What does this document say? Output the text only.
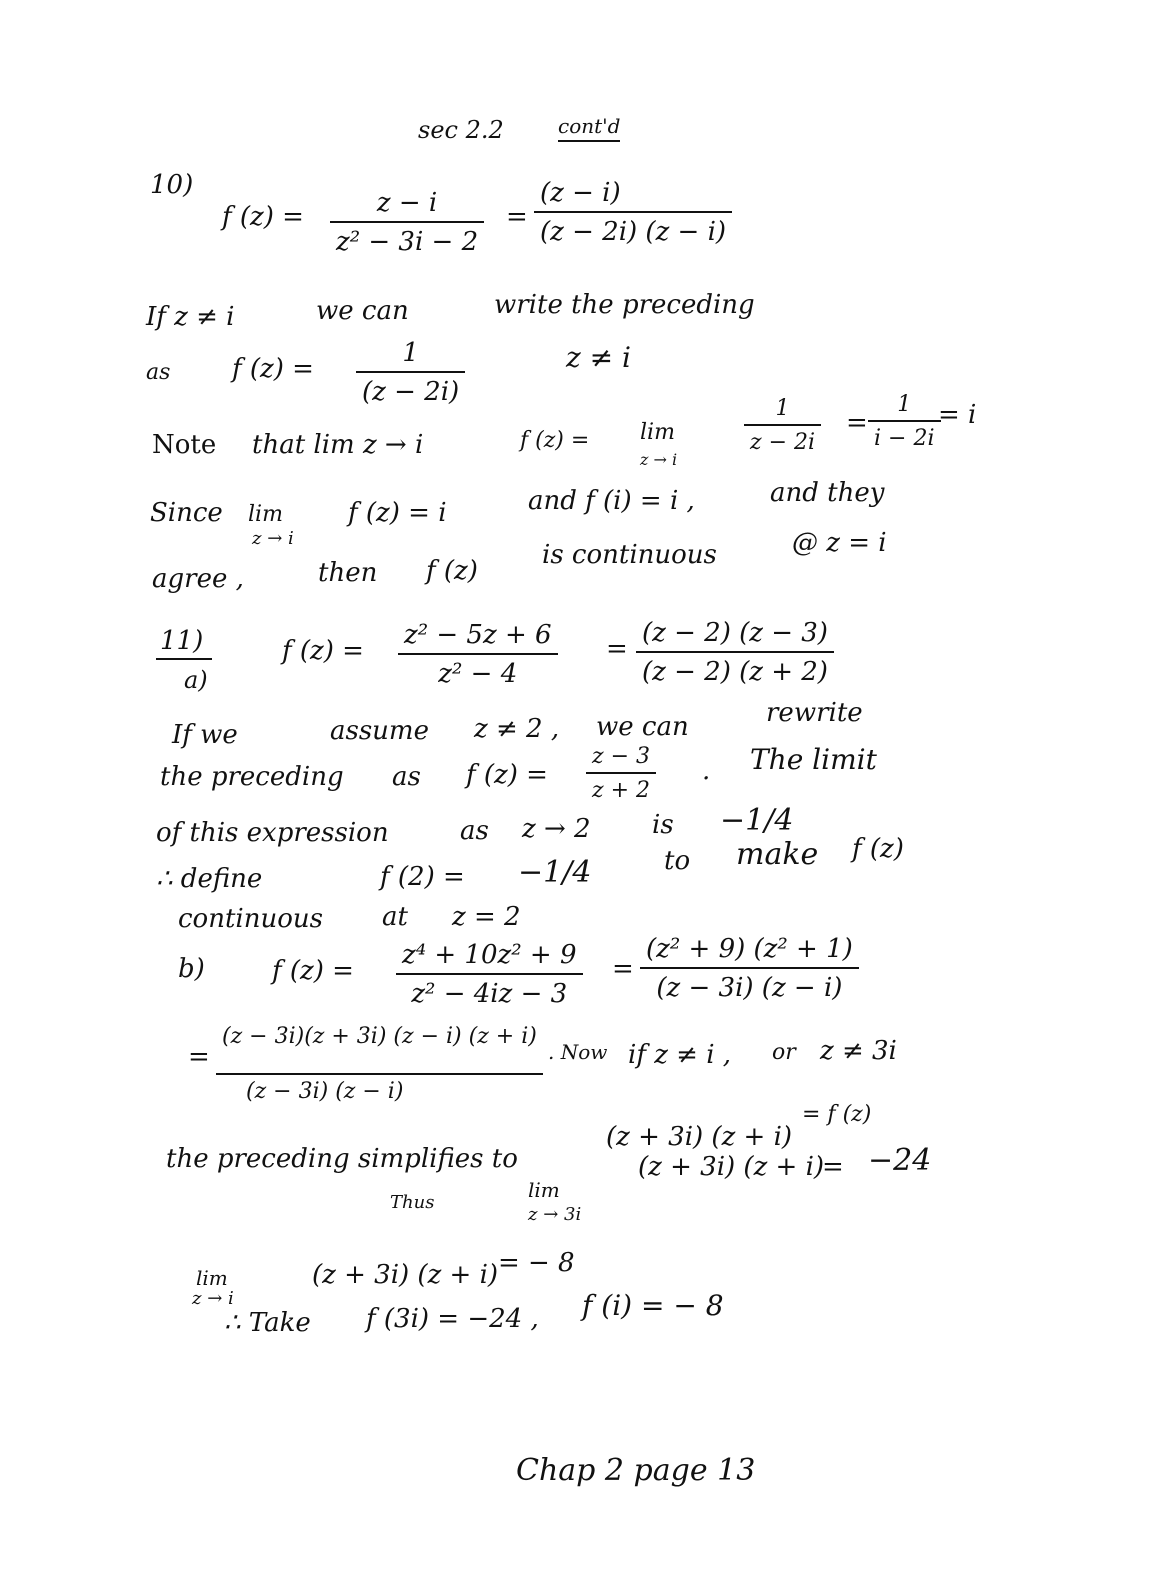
sec 2.2	cont'd
10)
f $(z) = \frac{z - i}{\text{z² − 3i − 2}} = \frac{(z - i)}{(z - 2i) (z - i)}$
If z ≠ i	we can	write the preceding
as f $(z) = \frac{1}{(z - 2i)}$	z ≠ i
Note that lim z → i	f (z) = lim
z → i
$\frac{1}{z - 2i} = \frac{1}{i - 2i}$
= i
Since lim
z → i
f (z) = i	and f (i) = i ,	and they
agree ,	then f (z)
is continuous	@ z = i
11)
a)
f $(z) = \frac{\text{z² − 5z + 6}}{\text{z² − 4}} = \frac{(z - 2) (z - 3)}{(z - 2) (z + 2)}$
If we	assume z ≠ 2 , we can	rewrite
the preceding as f $(z) = \frac{z - 3}{z + 2}$ . The limit
of this expression	as z → 2 is −1/4
∴ define	f (2) = −1/4	to make f (z)
continuous at z = 2
b)	f $(z) = \frac{\text{z⁴ + 10z² + 9}}{\text{z² − 4iz − 3}} = \frac{\text{(z² + 9) (z² + 1)}}{(z - 3i) (z - i)}$
= $\frac{(z - 3i)(z + 3i) (z - i) (z + i)}{(z - 3i) (z - i)}$ . Now if z ≠ i , or z ≠ 3i
the preceding simplifies to
(z + 3i) (z + i)
= f (z)
Thus
lim
z → 3i
(z + 3i) (z + i)
= −24
lim
z → i
(z + 3i) (z + i) = − 8
∴ Take f (3i) = −24 , f (i) = − 8
Chap 2 page 13
